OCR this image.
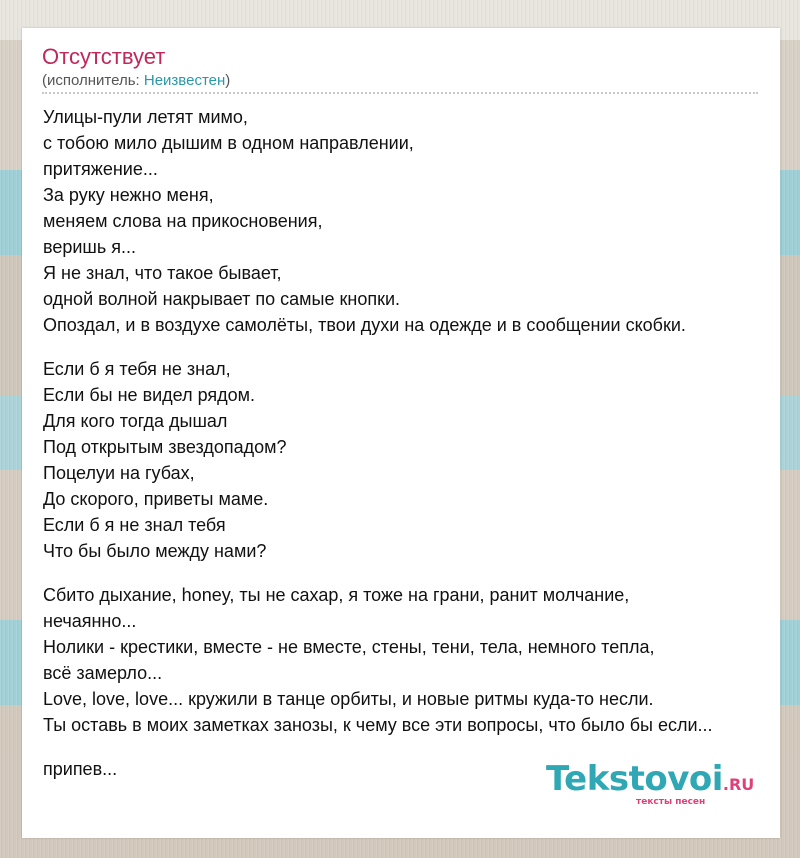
Отсутствует
(исполнитель: Неизвестен)
Улицы-пули летят мимо,
с тобою мило дышим в одном направлении,
притяжение...
За руку нежно меня,
меняем слова на прикосновения,
веришь я...
Я не знал, что такое бывает,
одной волной накрывает по самые кнопки.
Опоздал, и в воздухе самолёты, твои духи на одежде и в сообщении скобки.
Если б я тебя не знал,
Если бы не видел рядом.
Для кого тогда дышал
Под открытым звездопадом?
Поцелуи на губах,
До скорого, приветы маме.
Если б я не знал тебя
Что бы было между нами?
Сбито дыхание, honey, ты не сахар, я тоже на грани, ранит молчание,
нечаянно...
Нолики - крестики, вместе - не вместе, стены, тени, тела, немного тепла,
всё замерло...
Love, love, love... кружили в танце орбиты, и новые ритмы куда-то несли.
Ты оставь в моих заметках занозы, к чему все эти вопросы, что было бы если...
припев...	Tekstovoi.RU
тексты песен
